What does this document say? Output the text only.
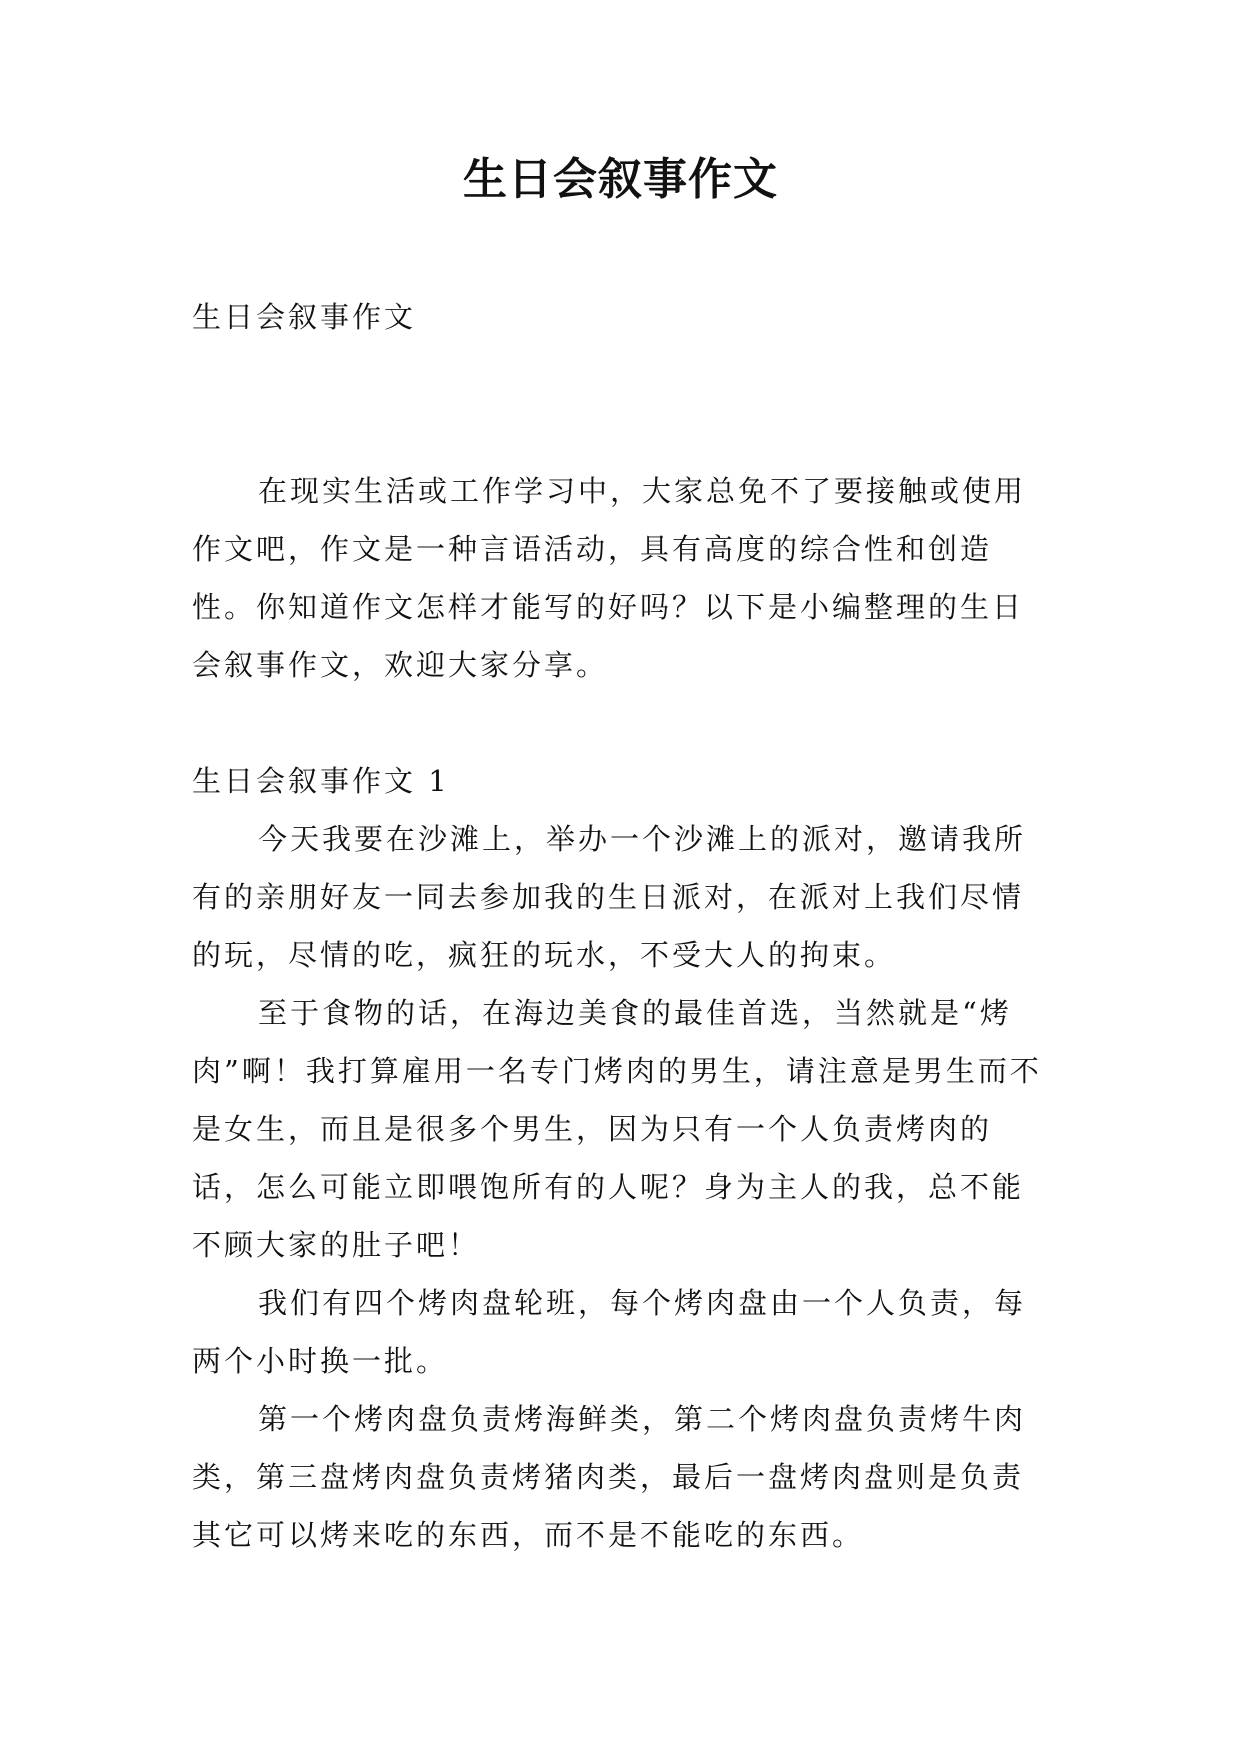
生日会叙事作文

生日会叙事作文

在现实生活或工作学习中，大家总免不了要接触或使用作文吧，作文是一种言语活动，具有高度的综合性和创造性。你知道作文怎样才能写的好吗？以下是小编整理的生日会叙事作文，欢迎大家分享。

生日会叙事作文 1

今天我要在沙滩上，举办一个沙滩上的派对，邀请我所有的亲朋好友一同去参加我的生日派对，在派对上我们尽情的玩，尽情的吃，疯狂的玩水，不受大人的拘束。

至于食物的话，在海边美食的最佳首选，当然就是“烤肉”啊！我打算雇用一名专门烤肉的男生，请注意是男生而不是女生，而且是很多个男生，因为只有一个人负责烤肉的话，怎么可能立即喂饱所有的人呢？身为主人的我，总不能不顾大家的肚子吧！

我们有四个烤肉盘轮班，每个烤肉盘由一个人负责，每两个小时换一批。

第一个烤肉盘负责烤海鲜类，第二个烤肉盘负责烤牛肉类，第三盘烤肉盘负责烤猪肉类，最后一盘烤肉盘则是负责其它可以烤来吃的东西，而不是不能吃的东西。
